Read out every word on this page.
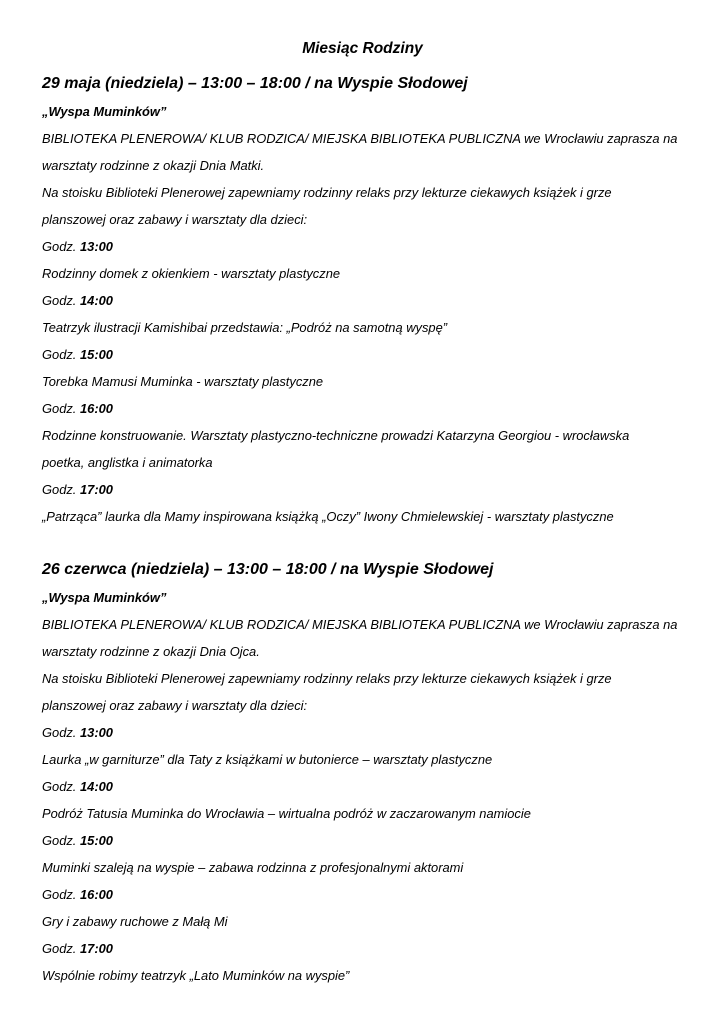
Miesiąc Rodziny
29 maja (niedziela) – 13:00 – 18:00 / na Wyspie Słodowej
„Wyspa Muminków”
BIBLIOTEKA PLENEROWA/ KLUB RODZICA/ MIEJSKA BIBLIOTEKA PUBLICZNA we Wrocławiu zaprasza na
warsztaty rodzinne z okazji Dnia Matki.
Na stoisku Biblioteki Plenerowej zapewniamy rodzinny relaks przy lekturze ciekawych książek i grze
planszowej oraz zabawy i warsztaty dla dzieci:
Godz. 13:00
Rodzinny domek z okienkiem - warsztaty plastyczne
Godz. 14:00
Teatrzyk ilustracji Kamishibai przedstawia: „Podróż na samotną wyspę”
Godz. 15:00
Torebka Mamusi Muminka - warsztaty plastyczne
Godz. 16:00
Rodzinne konstruowanie. Warsztaty plastyczno-techniczne prowadzi Katarzyna Georgiou - wrocławska
poetka, anglistka i animatorka
Godz. 17:00
„Patrząca” laurka dla Mamy inspirowana książką „Oczy” Iwony Chmielewskiej - warsztaty plastyczne
26 czerwca (niedziela) – 13:00 – 18:00 / na Wyspie Słodowej
„Wyspa Muminków”
BIBLIOTEKA PLENEROWA/ KLUB RODZICA/ MIEJSKA BIBLIOTEKA PUBLICZNA we Wrocławiu zaprasza na
warsztaty rodzinne z okazji Dnia Ojca.
Na stoisku Biblioteki Plenerowej zapewniamy rodzinny relaks przy lekturze ciekawych książek i grze
planszowej oraz zabawy i warsztaty dla dzieci:
Godz. 13:00
Laurka „w garniturze” dla Taty z książkami w butonierce – warsztaty plastyczne
Godz. 14:00
Podróż Tatusia Muminka do Wrocławia – wirtualna podróż w zaczarowanym namiocie
Godz. 15:00
Muminki szaleją na wyspie – zabawa rodzinna z profesjonalnymi aktorami
Godz. 16:00
Gry i zabawy ruchowe z Małą Mi
Godz. 17:00
Wspólnie robimy teatrzyk „Lato Muminków na wyspie”
